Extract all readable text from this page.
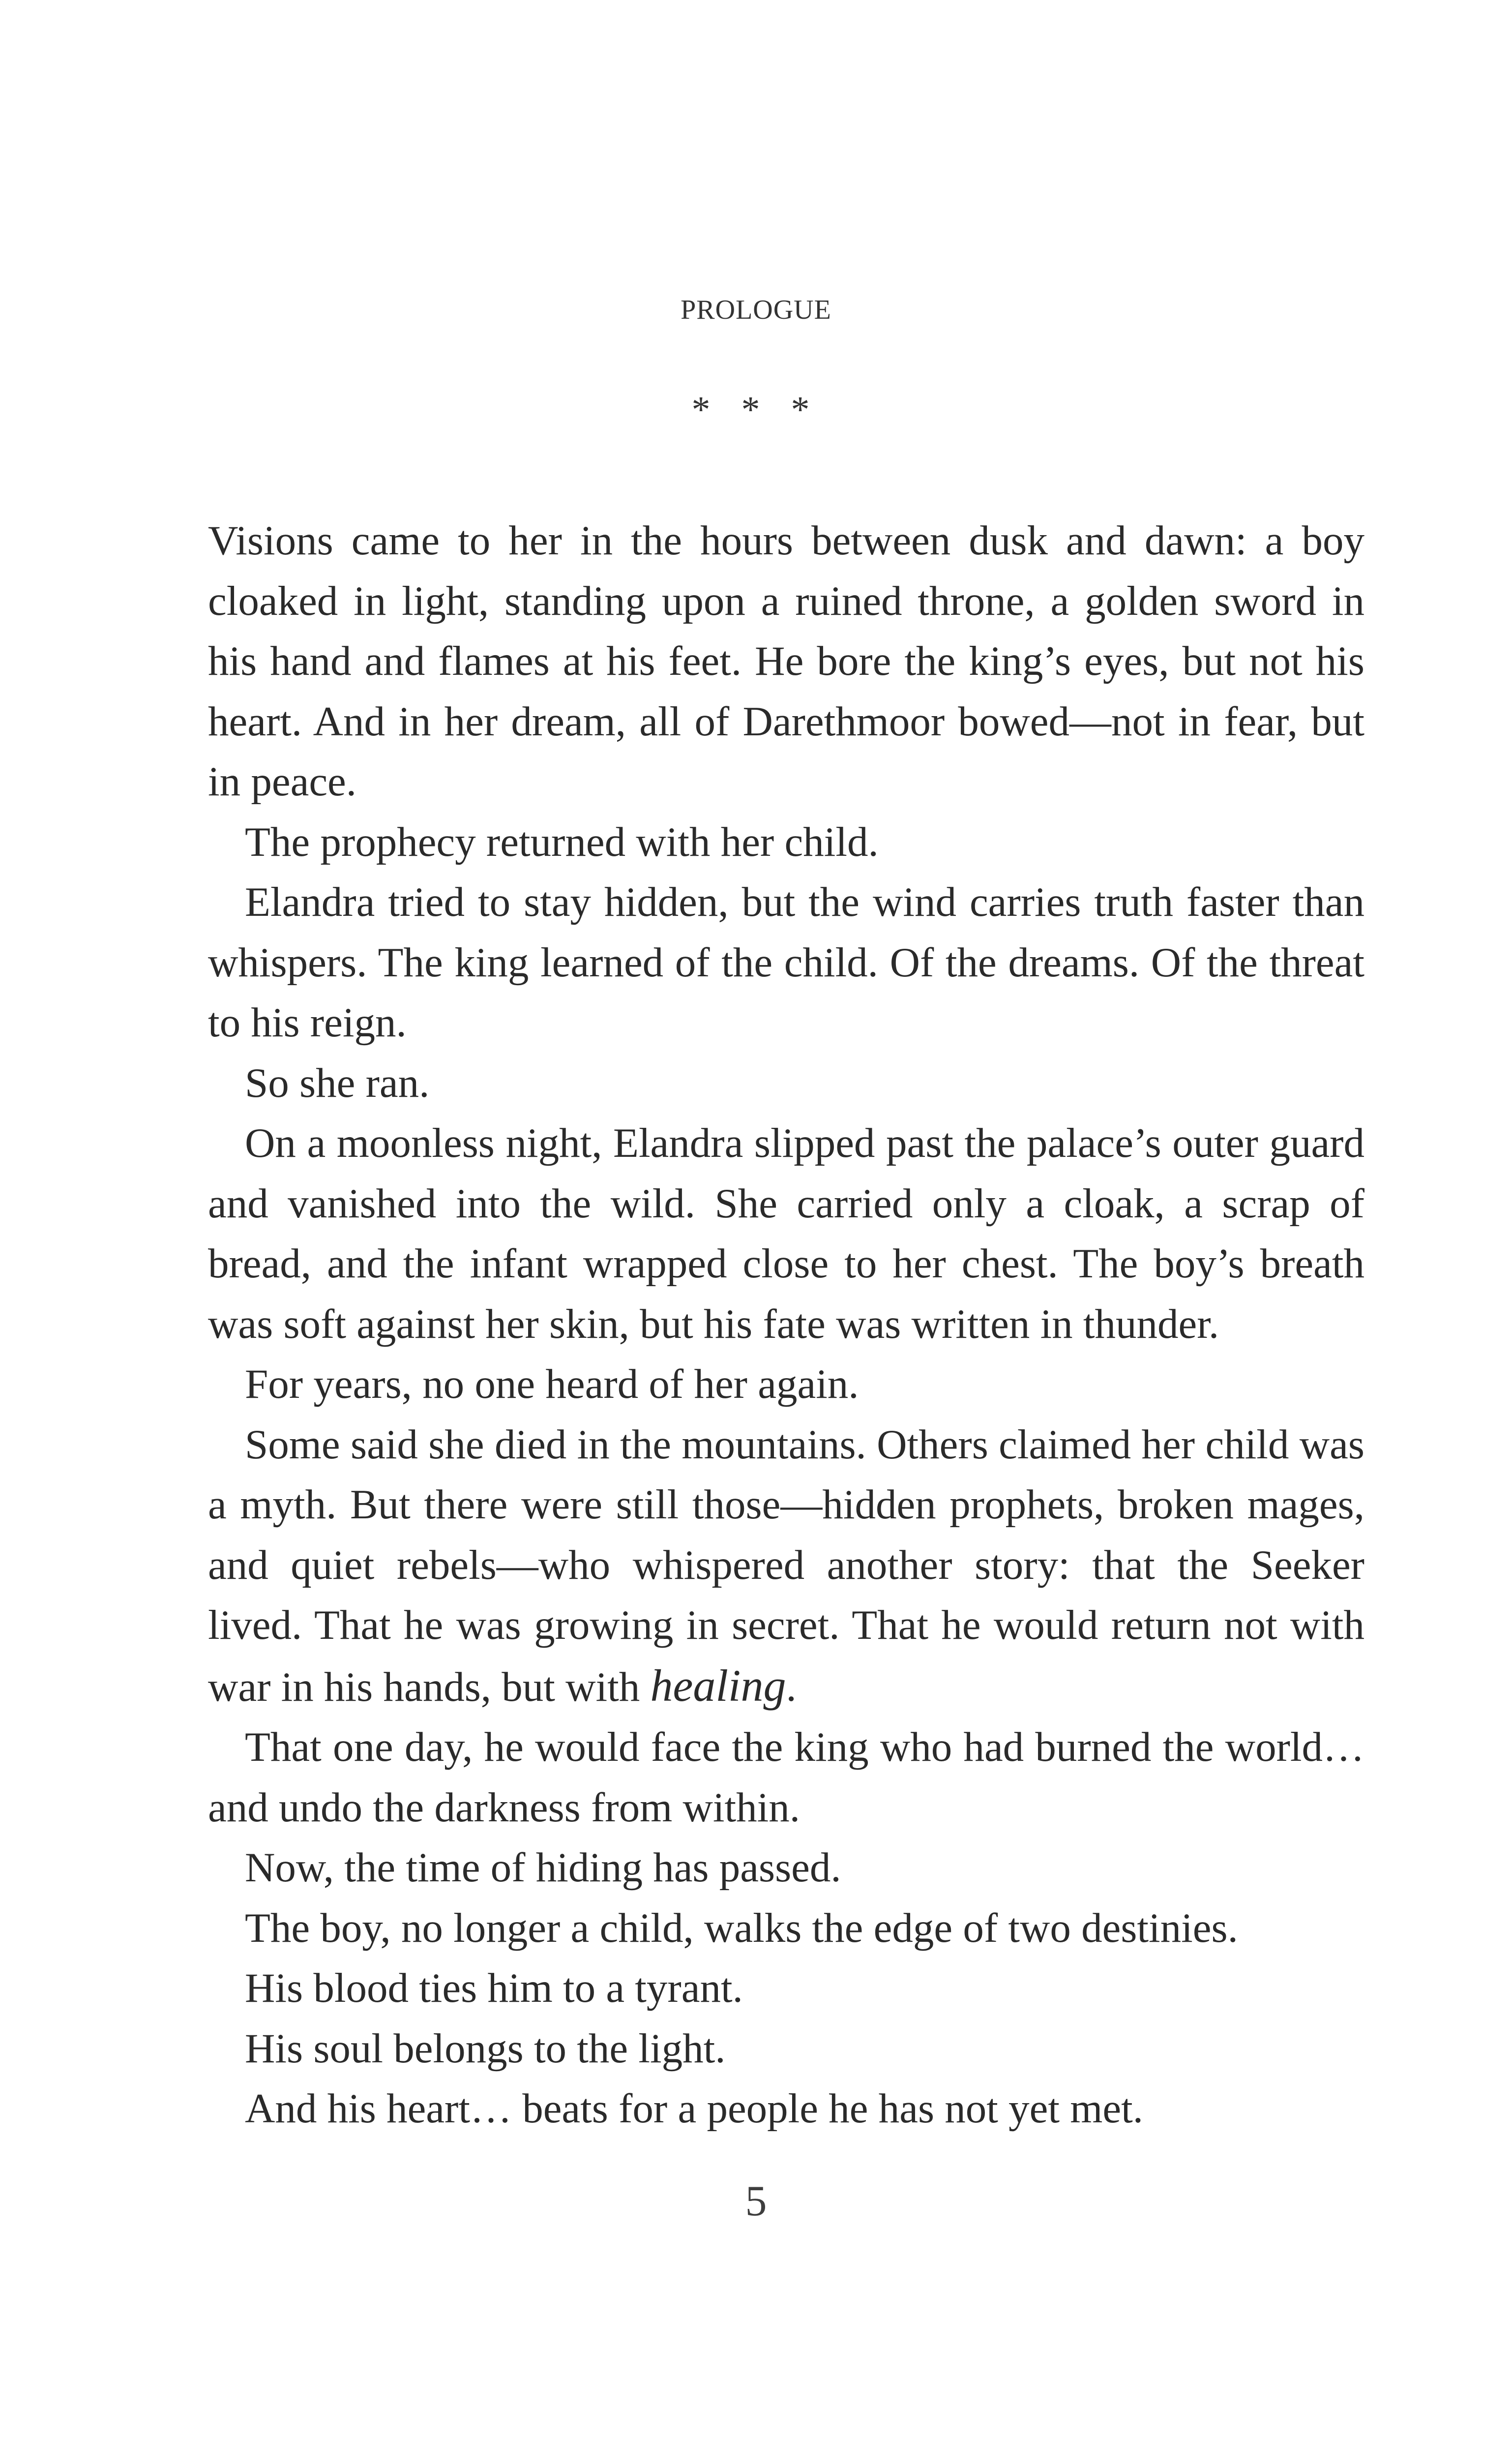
PROLOGUE
* * *

Visions came to her in the hours between dusk and dawn: a boy cloaked in light, standing upon a ruined throne, a golden sword in his hand and flames at his feet. He bore the king’s eyes, but not his heart. And in her dream, all of Darethmoor bowed—not in fear, but in peace.

The prophecy returned with her child.

Elandra tried to stay hidden, but the wind carries truth faster than whispers. The king learned of the child. Of the dreams. Of the threat to his reign.

So she ran.

On a moonless night, Elandra slipped past the palace’s outer guard and vanished into the wild. She carried only a cloak, a scrap of bread, and the infant wrapped close to her chest. The boy’s breath was soft against her skin, but his fate was written in thunder.

For years, no one heard of her again.

Some said she died in the mountains. Others claimed her child was a myth. But there were still those—hidden prophets, broken mages, and quiet rebels—who whispered another story: that the Seeker lived. That he was growing in secret. That he would return not with war in his hands, but with healing.

That one day, he would face the king who had burned the world… and undo the darkness from within.

Now, the time of hiding has passed.

The boy, no longer a child, walks the edge of two destinies.

His blood ties him to a tyrant.

His soul belongs to the light.

And his heart… beats for a people he has not yet met.

5
